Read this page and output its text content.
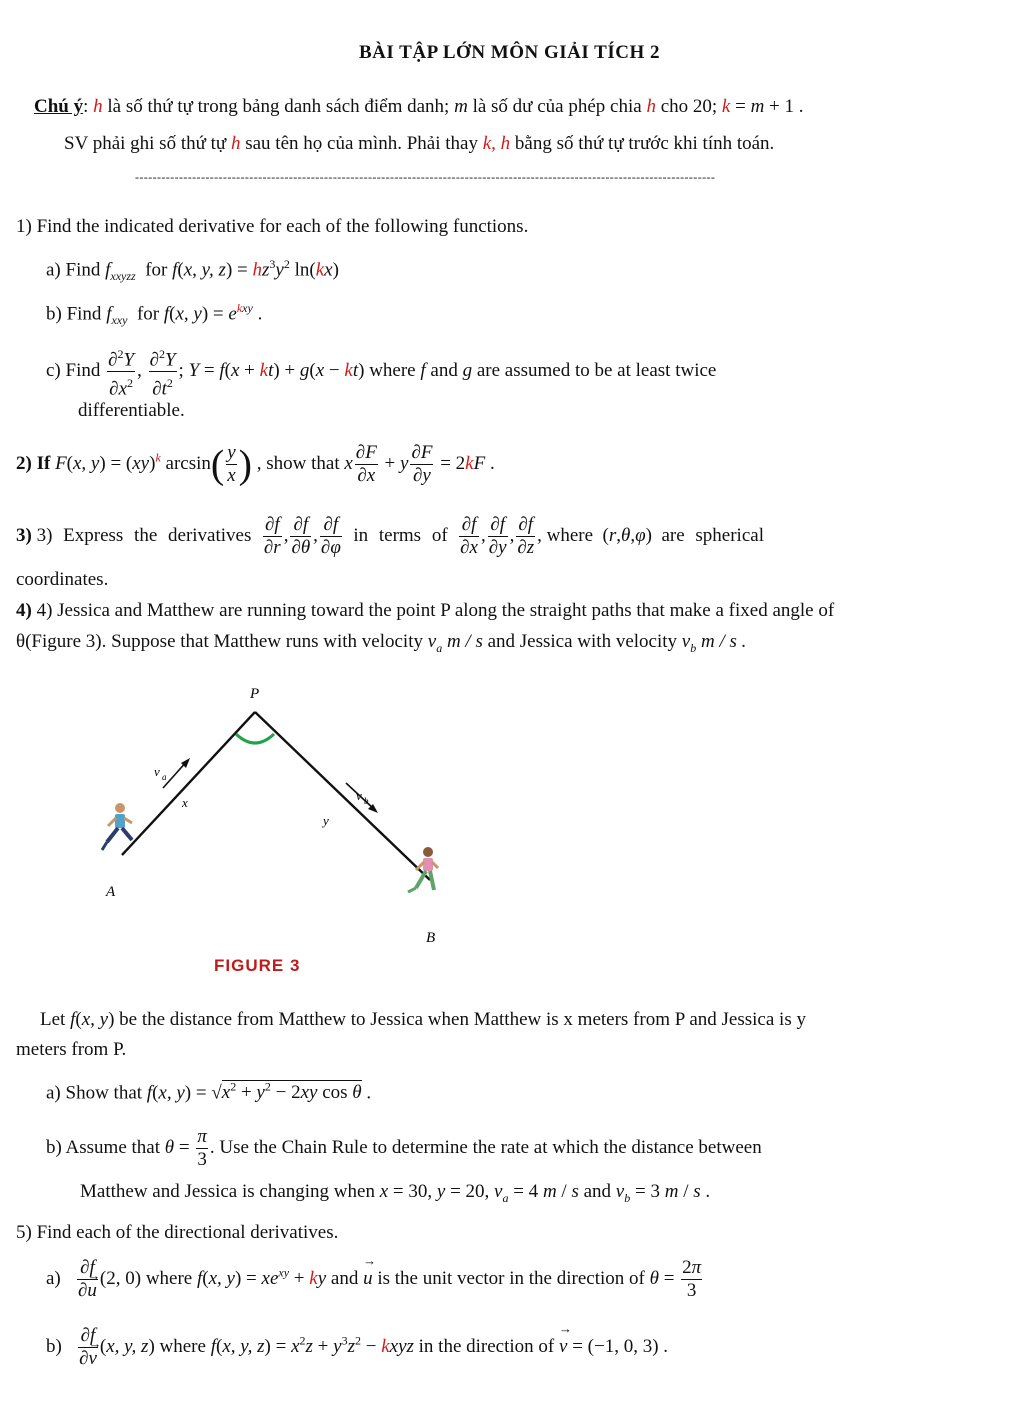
BÀI TẬP LỚN MÔN GIẢI TÍCH 2
Chú ý: h là số thứ tự trong bảng danh sách điểm danh; m là số dư của phép chia h cho 20; k = m + 1 .
SV phải ghi số thứ tự h sau tên họ của mình. Phải thay k, h bằng số thứ tự trước khi tính toán.
------------------------------------------------------------------------------------------------------------------------------------
1) Find the indicated derivative for each of the following functions.
a) Find $f_{xxyzz}$ for f(x, y, $z) = hz^3y^2$ ln(kx)
b) Find $f_{xxy}$ for f(x, $y) = e^{kxy}$ .
c) Find $\frac{\partial^2Y}{\partial x^2}$ , $\frac{\partial^2Y}{\partial t^2}$ ; Y = f(x + kt) + g(x − kt) where f and g are assumed to be at least twice
differentiable.
2) If F(x, y) = (xy)$^k$ $\arcsin( \frac{y}{x}$ ) , show that x $\frac{\partial F}{\partial x} + y \frac{\partial F}{\partial y} = 2kF$ .
3) 3) Express the derivatives $\frac{\partial f}{\partial r}$ , $\frac{\partial f}{\partial\theta}$ , $\frac{\partial f}{\partial\varphi}$ in terms of $\frac{\partial f}{\partial x}$ , $\frac{\partial f}{\partial y}$ , $\frac{\partial f}{\partial z}$ , where  (r,θ,φ)  are spherical
coordinates.
4) 4) Jessica and Matthew are running toward the point P along the straight paths that make a fixed angle of
θ(Figure 3). Suppose that Matthew runs with velocity $v_a$ m / s and Jessica with velocity $v_b$ m / s .
P
v a
x	v b
y
A
B
FIGURE 3
Let f(x, y) be the distance from Matthew to Jessica when Matthew is x meters from P and Jessica is y
meters from P.
a) Show that f(x, $y) = √x^2 + y^2 - 2xy$ cos θ .
b) Assume that $\theta = \frac{\pi}{3}$ . Use the Chain Rule to determine the rate at which the distance between
Matthew and Jessica is changing when x = 30, y = 20, $v_a = 4$ m / s and $v_b = 3$ m / s .
5) Find each of the directional derivatives.
$a) \frac{\partial f}{\partial\to u} (2$, 0) where f(x, $y) = xe^{xy}$ + ky and → u is the unit vector in the direction of $\theta = \frac{2\pi}{3}$
$b) \frac{\partial f}{\partial\to v} (x$, y, z) where f(x, y, $z) = x^2z + y^3z^2$ − kxyz in the direction of → v = (−1, 0, 3) .
